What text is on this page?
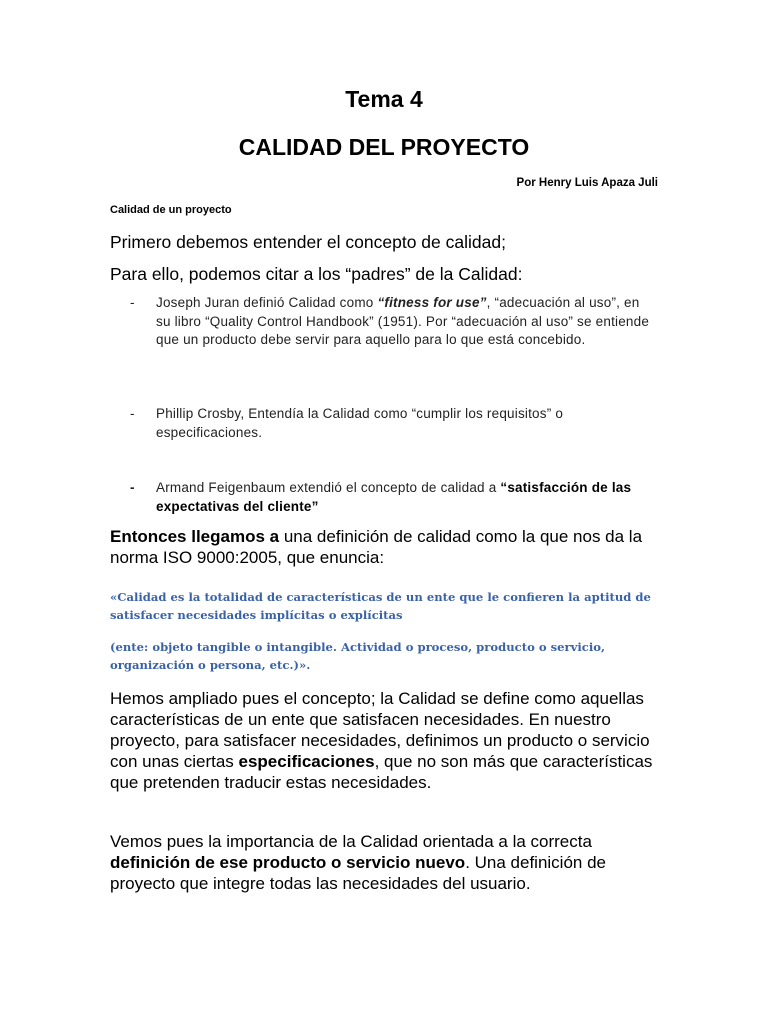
Tema 4
CALIDAD DEL PROYECTO
Por Henry Luis Apaza Juli
Calidad de un proyecto
Primero debemos entender el concepto de calidad;
Para ello, podemos citar a los “padres” de la Calidad:
- Joseph Juran definió Calidad como “fitness for use”, “adecuación al uso”, en su libro “Quality Control Handbook” (1951). Por “adecuación al uso” se entiende que un producto debe servir para aquello para lo que está concebido.
- Phillip Crosby, Entendía la Calidad como “cumplir los requisitos” o especificaciones.
- Armand Feigenbaum extendió el concepto de calidad a “satisfacción de las expectativas del cliente”
Entonces llegamos a una definición de calidad como la que nos da la norma ISO 9000:2005, que enuncia:
«Calidad es la totalidad de características de un ente que le confieren la aptitud de satisfacer necesidades implícitas o explícitas
(ente: objeto tangible o intangible. Actividad o proceso, producto o servicio, organización o persona, etc.)».
Hemos ampliado pues el concepto; la Calidad se define como aquellas características de un ente que satisfacen necesidades. En nuestro proyecto, para satisfacer necesidades, definimos un producto o servicio con unas ciertas especificaciones, que no son más que características que pretenden traducir estas necesidades.
Vemos pues la importancia de la Calidad orientada a la correcta definición de ese producto o servicio nuevo. Una definición de proyecto que integre todas las necesidades del usuario.
